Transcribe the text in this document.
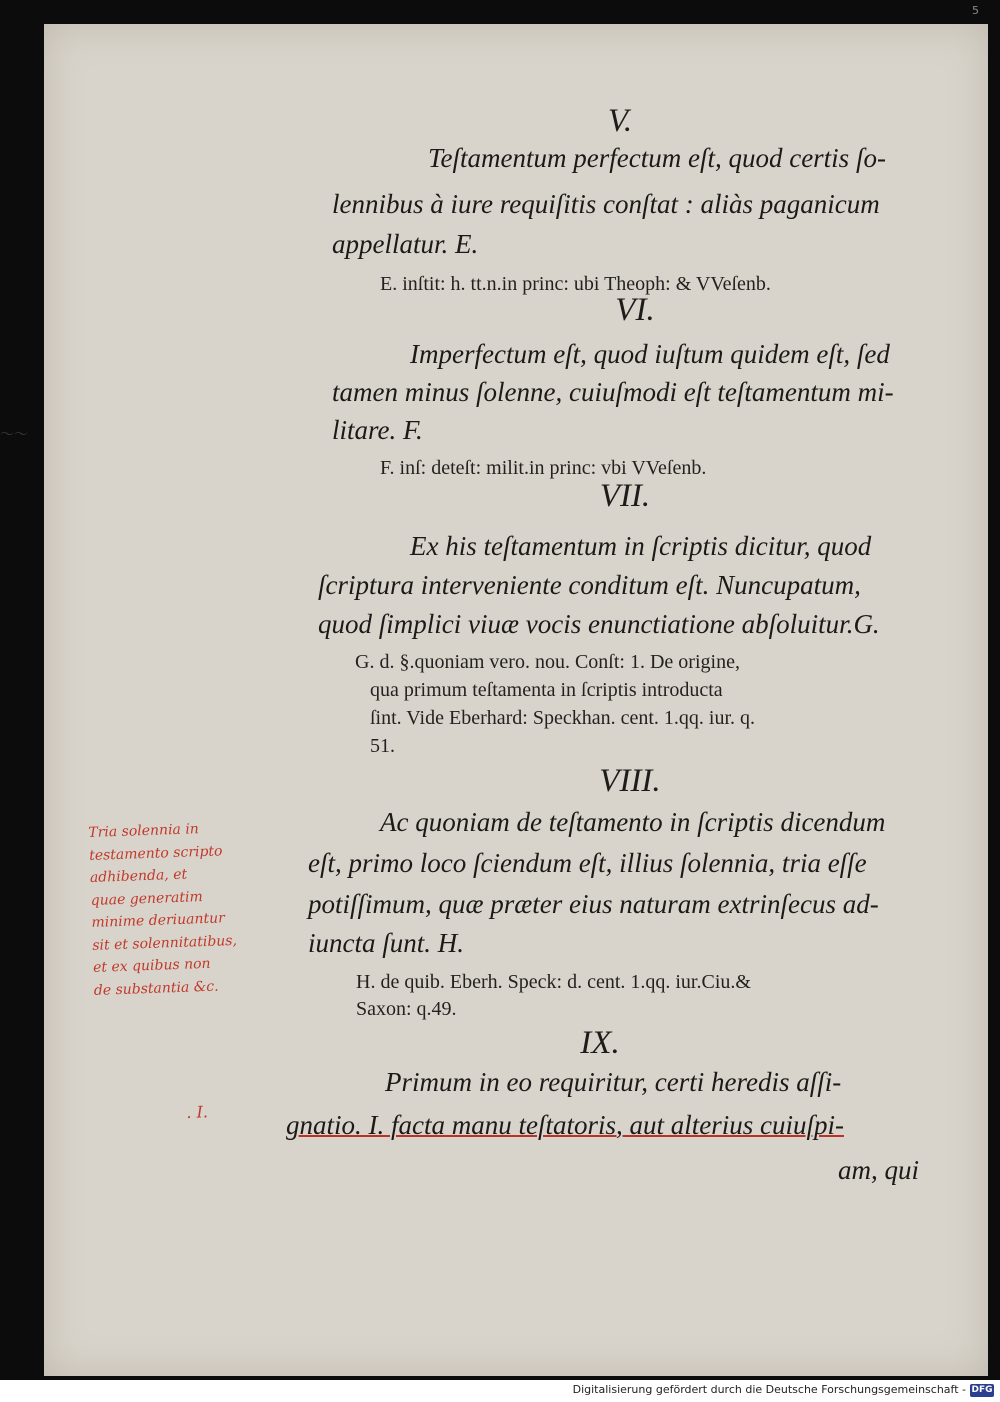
〜〜
5
V.
Teſtamentum perfectum eſt, quod certis ſo-
lennibus à iure requiſitis conſtat : aliàs paganicum
appellatur. E.
E. inſtit: h. tt.n.in princ: ubi Theoph: & VVeſenb.
VI.
Imperfectum eſt, quod iuſtum quidem eſt, ſed
tamen minus ſolenne, cuiuſmodi eſt teſtamentum mi-
litare. F.
F. inſ: deteſt: milit.in princ: vbi VVeſenb.
VII.
Ex his teſtamentum in ſcriptis dicitur, quod
ſcriptura interveniente conditum eſt. Nuncupatum,
quod ſimplici viuæ vocis enunctiatione abſoluitur.G.
G. d. §.quoniam vero. nou. Conſt: 1. De origine,
qua primum teſtamenta in ſcriptis introducta
ſint. Vide Eberhard: Speckhan. cent. 1.qq. iur. q.
51.
VIII.
Ac quoniam de teſtamento in ſcriptis dicendum
eſt, primo loco ſciendum eſt, illius ſolennia, tria eſſe
potiſſimum, quæ præter eius naturam extrinſecus ad-
iuncta ſunt. H.
H. de quib. Eberh. Speck: d. cent. 1.qq. iur.Ciu.&
Saxon: q.49.
IX.
Primum in eo requiritur, certi heredis aſſi-
gnatio. I. facta manu teſtatoris, aut alterius cuiuſpi-
am, qui
Tria solennia in
testamento scripto
adhibenda, et
quae generatim
minime deriuantur
sit et solennitatibus,
et ex quibus non
de substantia &c.
. I.
Digitalisierung gefördert durch die Deutsche Forschungsgemeinschaft - DFG
